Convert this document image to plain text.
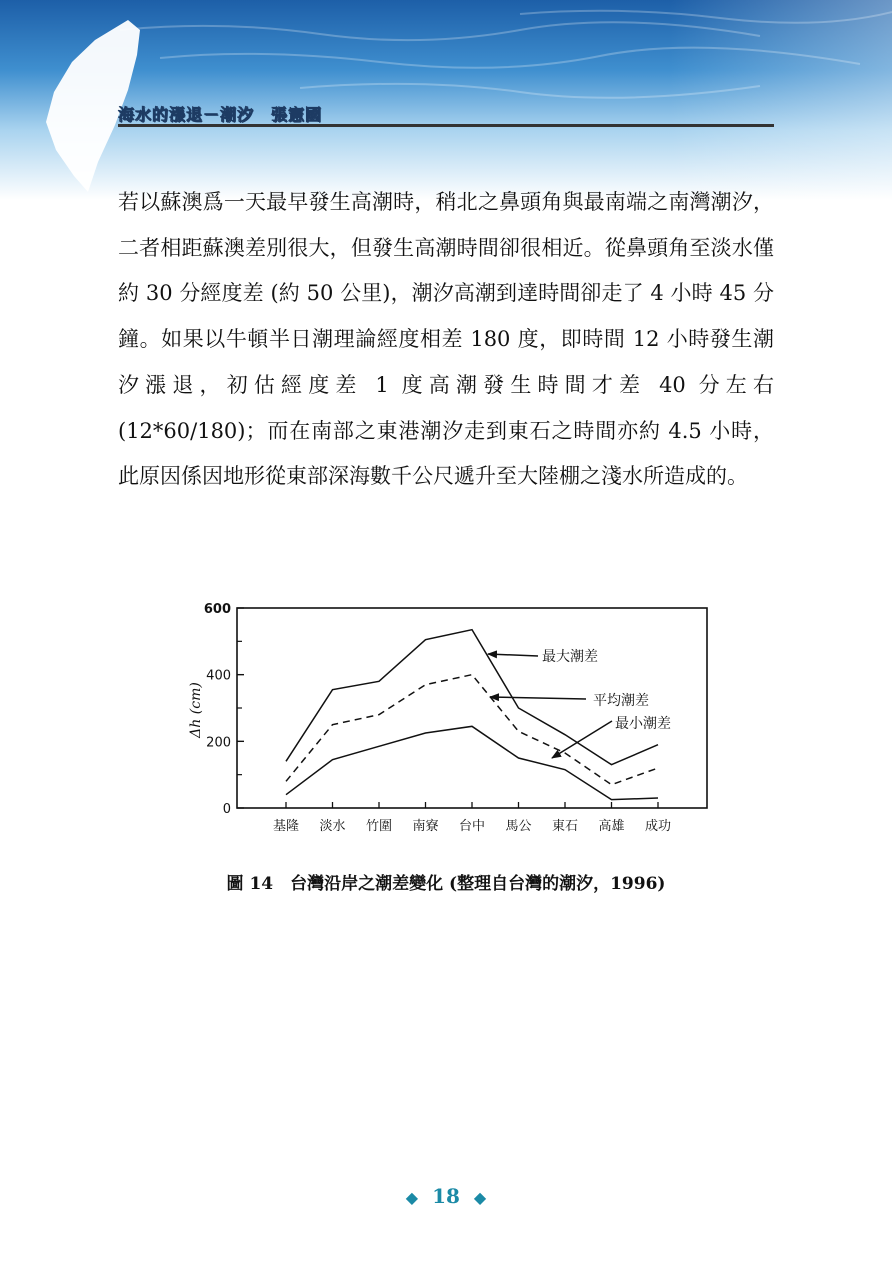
海水的漲退－潮汐　張憲國

若以蘇澳爲一天最早發生高潮時，稍北之鼻頭角與最南端之南灣潮汐，二者相距蘇澳差別很大，但發生高潮時間卻很相近。從鼻頭角至淡水僅約 30 分經度差 (約 50 公里)，潮汐高潮到達時間卻走了 4 小時 45 分鐘。如果以牛頓半日潮理論經度相差 180 度，即時間 12 小時發生潮汐漲退，初估經度差 1 度高潮發生時間才差 40 分左右 (12*60/180)；而在南部之東港潮汐走到東石之時間亦約 4.5 小時，此原因係因地形從東部深海數千公尺遞升至大陸棚之淺水所造成的。

0
200
400
600
基隆 淡水 竹圍 南寮 台中 馬公 東石 高雄 成功
最大潮差
平均潮差
最小潮差
Δh (cm)
圖 14　台灣沿岸之潮差變化 (整理自台灣的潮汐，1996)
◆ 18 ◆
